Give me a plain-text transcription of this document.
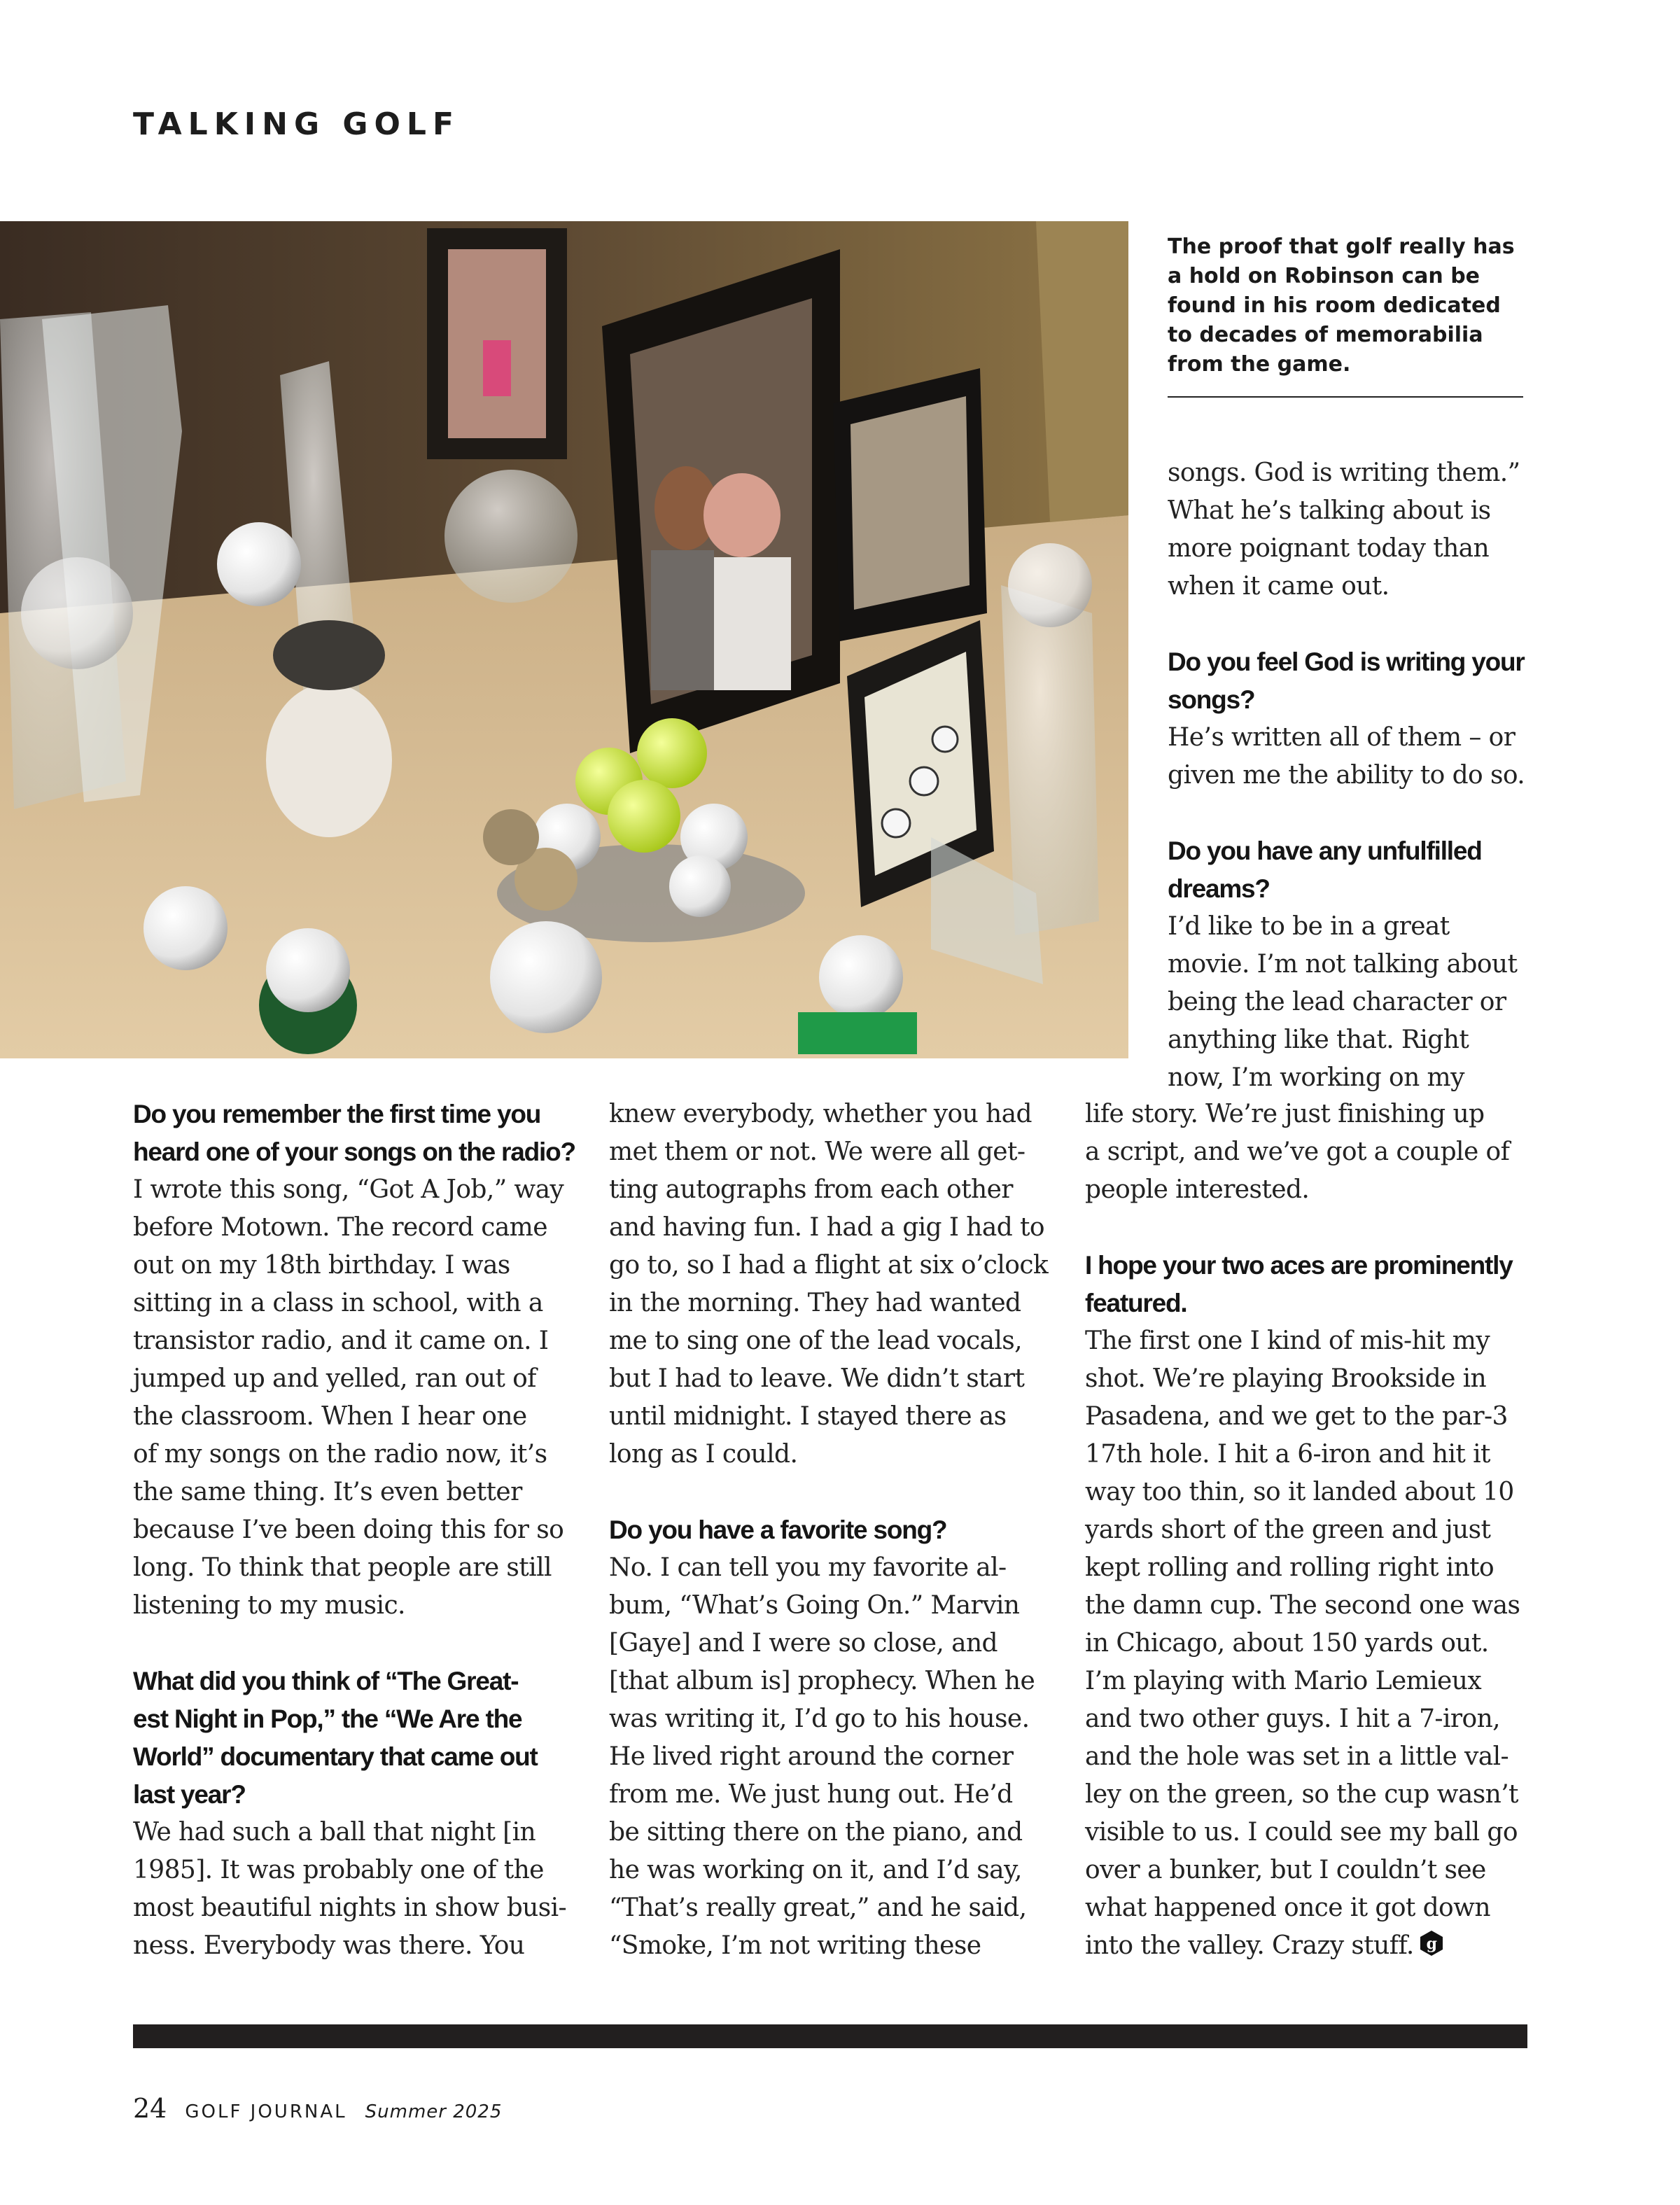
TALKING GOLF

The proof that golf really has a hold on Robinson can be found in his room dedicated to decades of memorabilia from the game.

songs. God is writing them.”
What he’s talking about is
more poignant today than
when it came out.
Do you feel God is writing your
songs?
He’s written all of them – or
given me the ability to do so.
Do you have any unfulfilled
dreams?
I’d like to be in a great
movie. I’m not talking about
being the lead character or
anything like that. Right
now, I’m working on my
Do you remember the first time you
heard one of your songs on the radio?
I wrote this song, “Got A Job,” way
before Motown. The record came
out on my 18th birthday. I was
sitting in a class in school, with a
transistor radio, and it came on. I
jumped up and yelled, ran out of
the classroom. When I hear one
of my songs on the radio now, it’s
the same thing. It’s even better
because I’ve been doing this for so
long. To think that people are still
listening to my music.
What did you think of “The Great-
est Night in Pop,” the “We Are the
World” documentary that came out
last year?
We had such a ball that night [in
1985]. It was probably one of the
most beautiful nights in show busi-
ness. Everybody was there. You
knew everybody, whether you had
met them or not. We were all get-
ting autographs from each other
and having fun. I had a gig I had to
go to, so I had a flight at six o’clock
in the morning. They had wanted
me to sing one of the lead vocals,
but I had to leave. We didn’t start
until midnight. I stayed there as
long as I could.
Do you have a favorite song?
No. I can tell you my favorite al-
bum, “What’s Going On.” Marvin
[Gaye] and I were so close, and
[that album is] prophecy. When he
was writing it, I’d go to his house.
He lived right around the corner
from me. We just hung out. He’d
be sitting there on the piano, and
he was working on it, and I’d say,
“That’s really great,” and he said,
“Smoke, I’m not writing these
life story. We’re just finishing up
a script, and we’ve got a couple of
people interested.
I hope your two aces are prominently
featured.
The first one I kind of mis-hit my
shot. We’re playing Brookside in
Pasadena, and we get to the par-3
17th hole. I hit a 6-iron and hit it
way too thin, so it landed about 10
yards short of the green and just
kept rolling and rolling right into
the damn cup. The second one was
in Chicago, about 150 yards out.
I’m playing with Mario Lemieux
and two other guys. I hit a 7-iron,
and the hole was set in a little val-
ley on the green, so the cup wasn’t
visible to us. I could see my ball go
over a bunker, but I couldn’t see
what happened once it got down
into the valley. Crazy stuff. g
24 GOLF JOURNAL Summer 2025
